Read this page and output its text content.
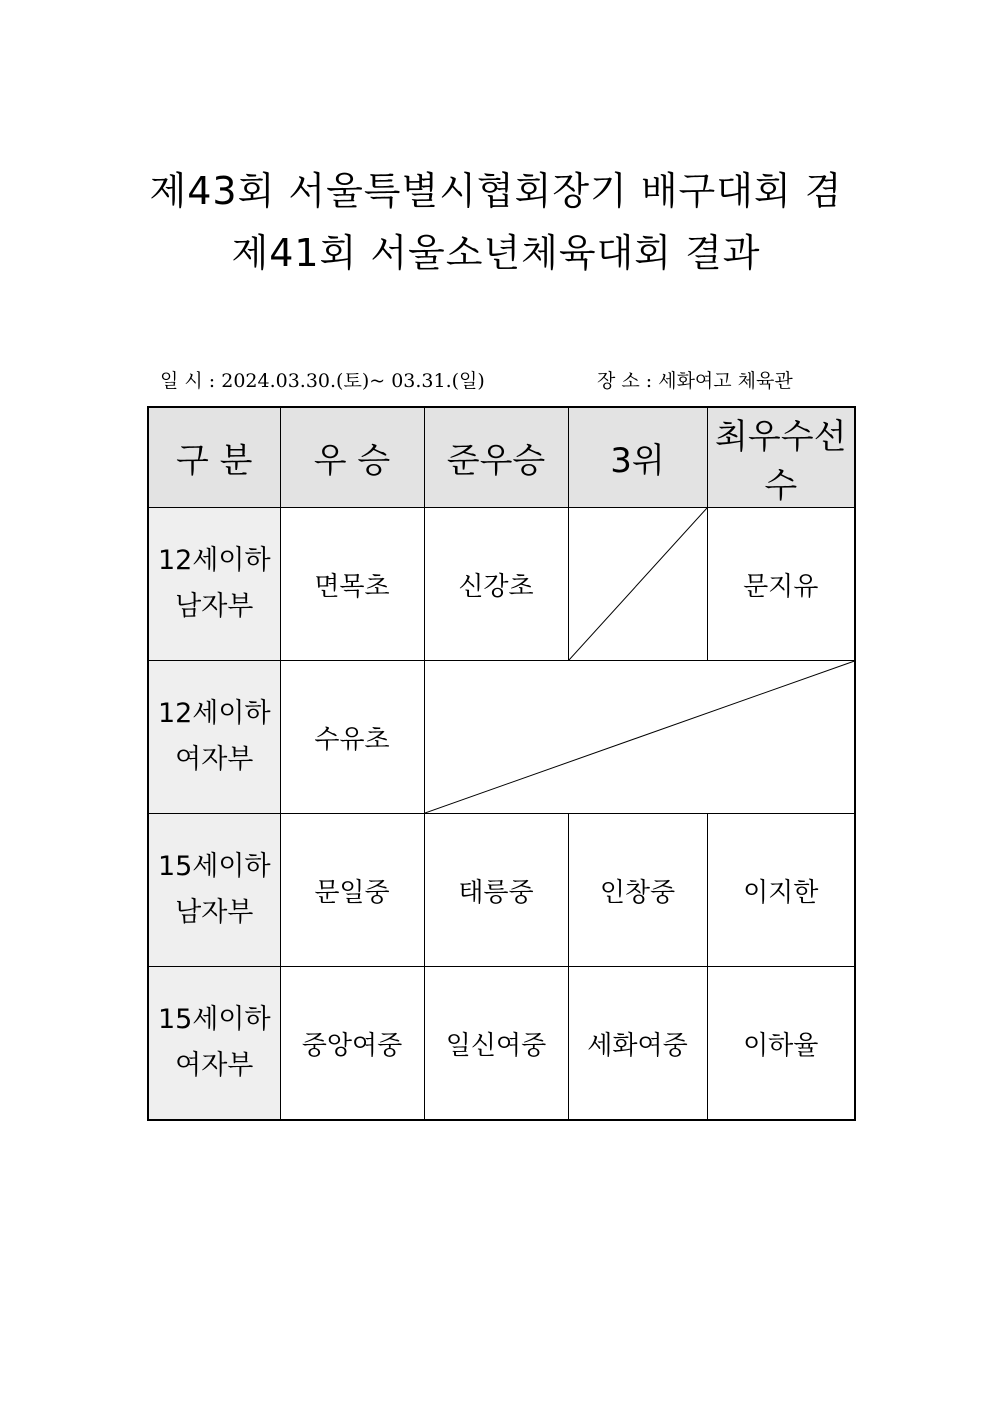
제43회 서울특별시협회장기 배구대회 겸
제41회 서울소년체육대회 결과
일 시 : 2024.03.30.(토)~ 03.31.(일)	장 소 : 세화여고 체육관
구 분	우 승	준우승	3위	최우수선수

12세이하
남자부	면목초	신강초		문지유

12세이하
여자부	수유초	

15세이하
남자부	문일중	태릉중	인창중	이지한

15세이하
여자부	중앙여중	일신여중	세화여중	이하율
